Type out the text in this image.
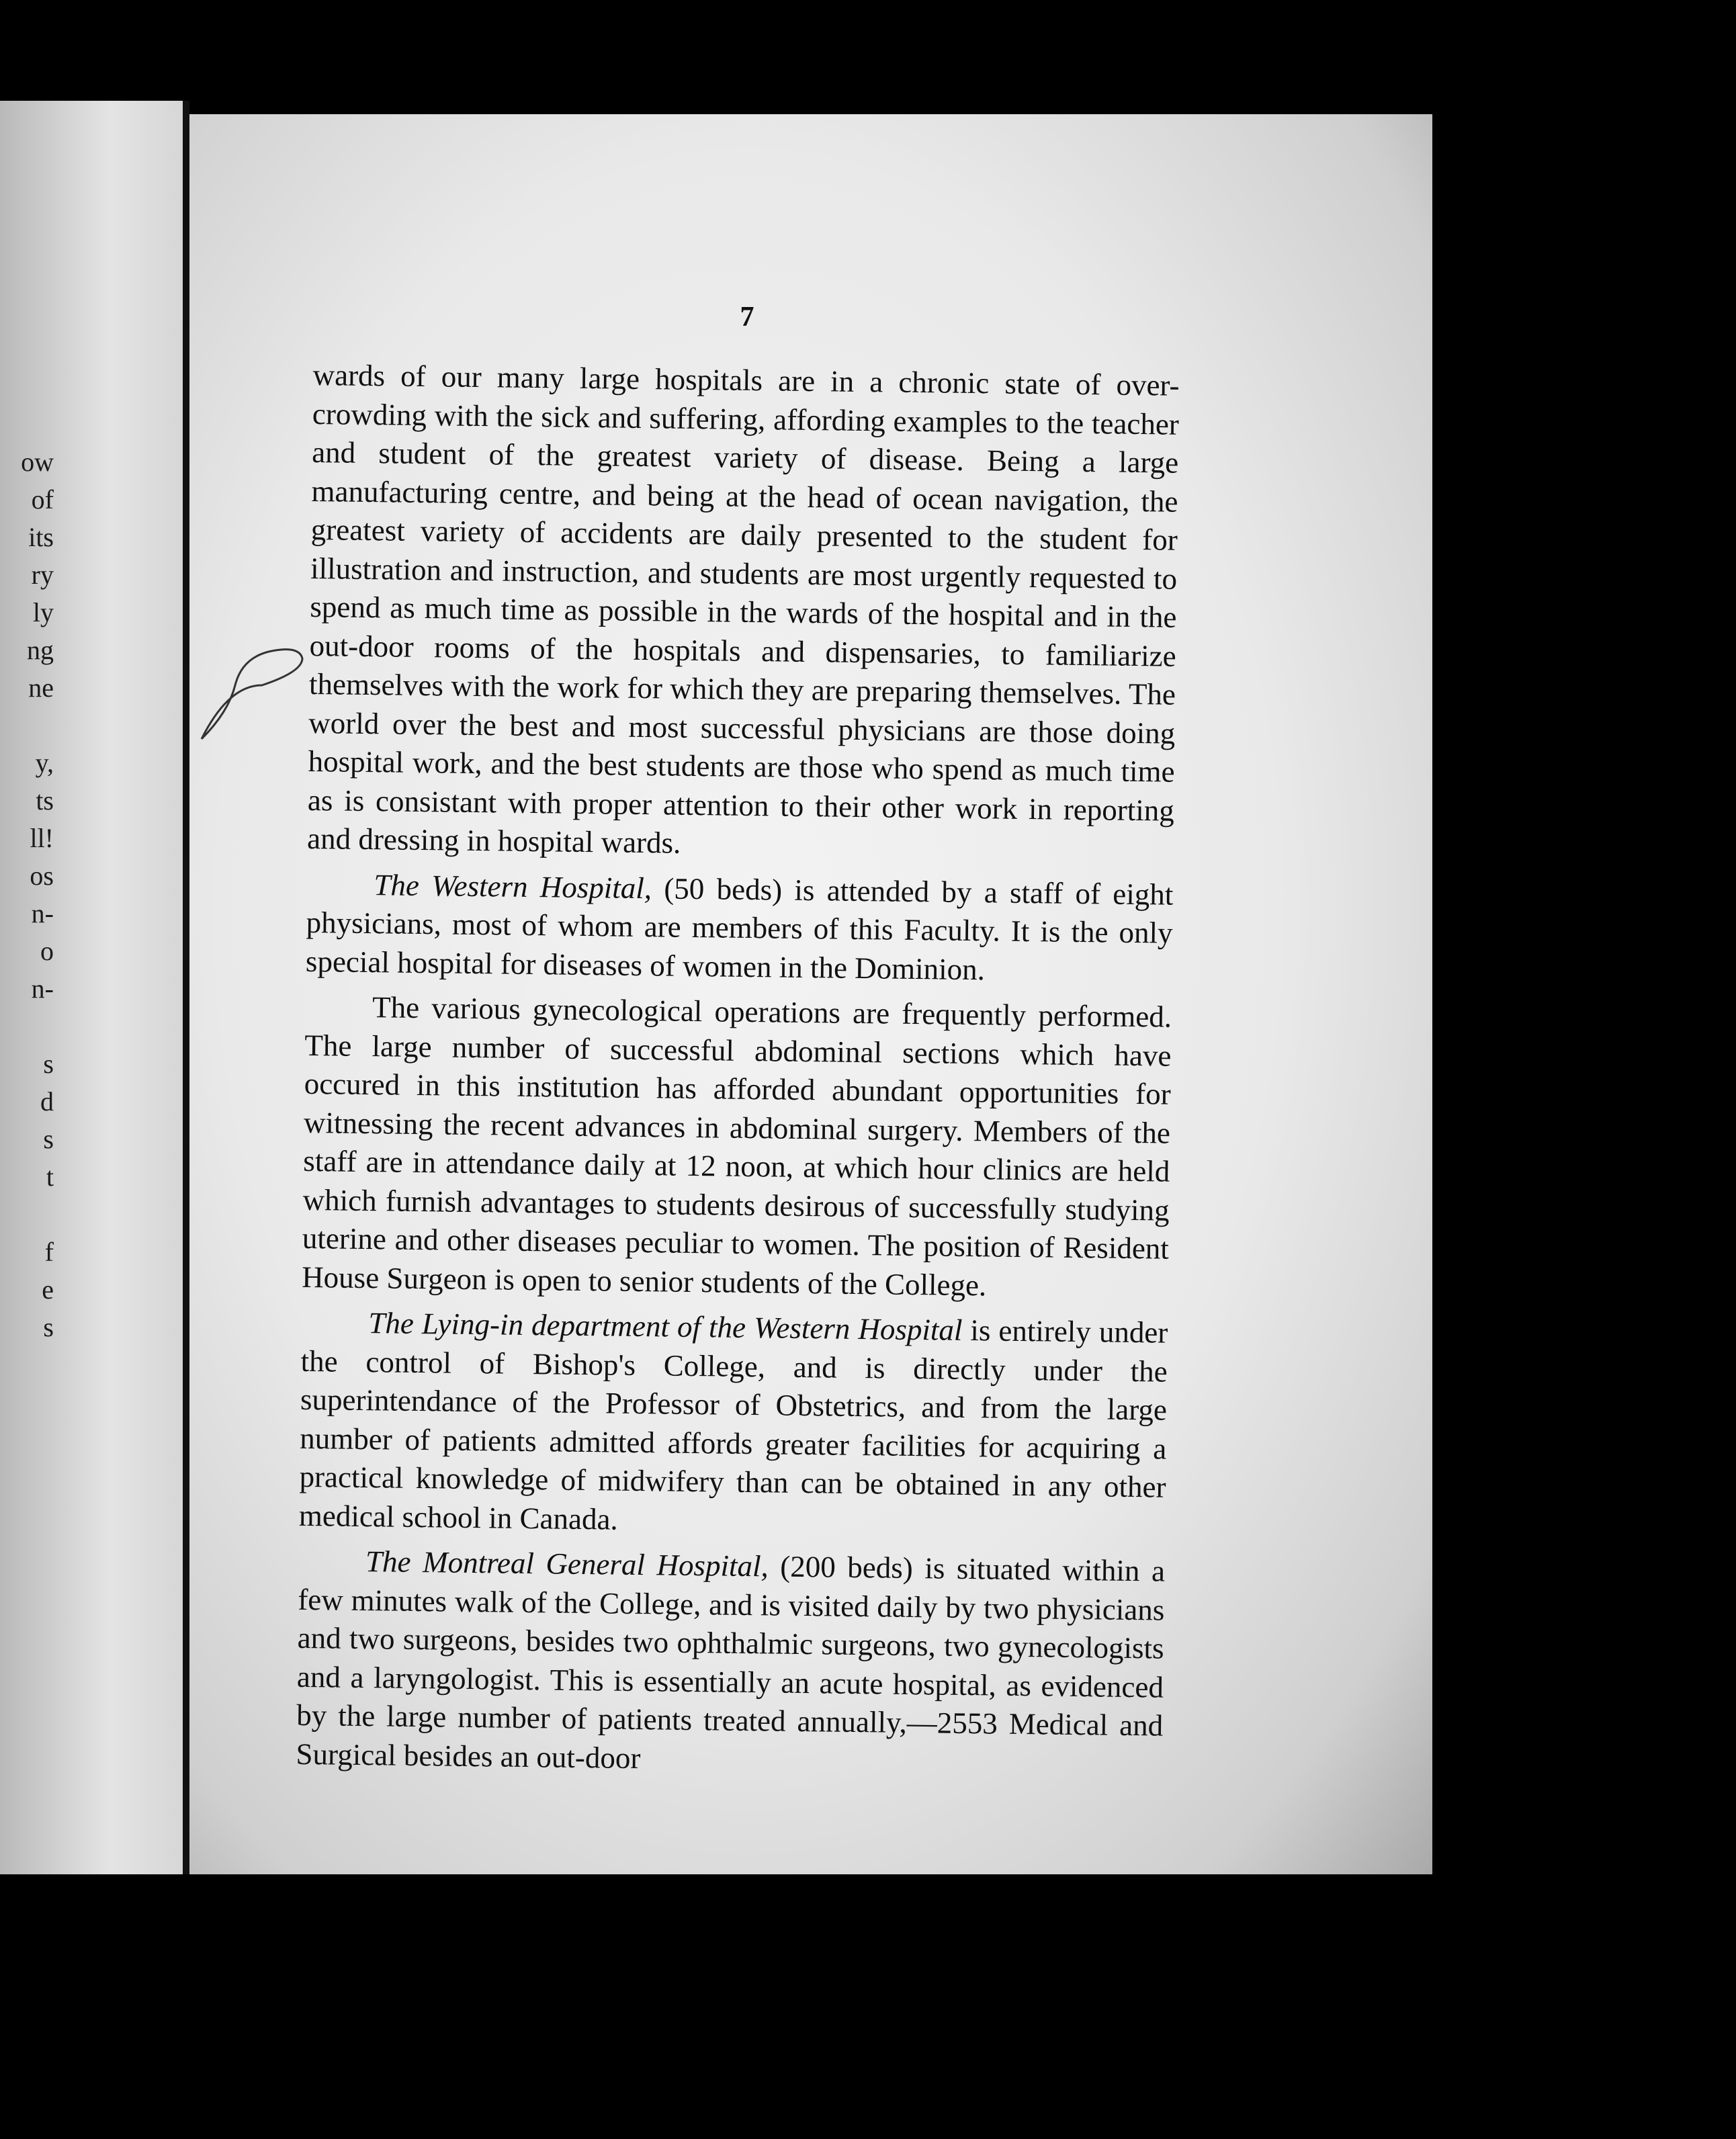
ow
of
its
ry
ly
ng
ne

y,
ts
ll!
os
n-
o
n-

s
d
s
t

f
e
s
7

wards of our many large hospitals are in a chronic state of over-crowding with the sick and suffering, affording examples to the teacher and student of the greatest variety of disease. Being a large manufacturing centre, and being at the head of ocean navigation, the greatest variety of accidents are daily presented to the student for illustration and instruction, and students are most urgently requested to spend as much time as possible in the wards of the hospital and in the out-door rooms of the hospitals and dispensaries, to familiarize themselves with the work for which they are preparing themselves. The world over the best and most successful physicians are those doing hospital work, and the best students are those who spend as much time as is consistant with proper attention to their other work in reporting and dressing in hospital wards.

The Western Hospital, (50 beds) is attended by a staff of eight physicians, most of whom are members of this Faculty. It is the only special hospital for diseases of women in the Dominion.

The various gynecological operations are frequently performed. The large number of successful abdominal sections which have occured in this institution has afforded abundant opportunities for witnessing the recent advances in abdominal surgery. Members of the staff are in attendance daily at 12 noon, at which hour clinics are held which furnish advantages to students desirous of successfully studying uterine and other diseases peculiar to women. The position of Resident House Surgeon is open to senior students of the College.

The Lying-in department of the Western Hospital is entirely under the control of Bishop's College, and is directly under the superintendance of the Professor of Obstetrics, and from the large number of patients admitted affords greater facilities for acquiring a practical knowledge of midwifery than can be obtained in any other medical school in Canada.

The Montreal General Hospital, (200 beds) is situated within a few minutes walk of the College, and is visited daily by two physicians and two surgeons, besides two ophthalmic surgeons, two gynecologists and a laryngologist. This is essentially an acute hospital, as evidenced by the large number of patients treated annually,—2553 Medical and Surgical besides an out-door
